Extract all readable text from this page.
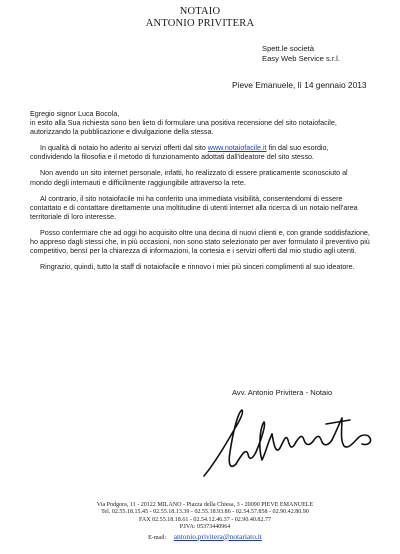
NOTAIO
ANTONIO PRIVITERA
Spett.le società
Easy Web Service s.r.l.
Pieve Emanuele, lì 14 gennaio 2013

Egregio signor Luca Bocola,

in esito alla Sua richiesta sono ben lieto di formulare una positiva recensione del sito notaiofacile, autorizzando la pubblicazione e divulgazione della stessa.

In qualità di notaio ho aderito ai servizi offerti dal sito www.notaiofacile.it fin dal suo esordio, condividendo la filosofia e il metodo di funzionamento adottati dall'ideatore del sito stesso.

Non avendo un sito internet personale, infatti, ho realizzato di essere praticamente sconosciuto al mondo degli internauti e difficilmente raggiungibile attraverso la rete.

Al contrario, il sito notaiofacile mi ha conferito una immediata visibilità, consentendomi di essere contattato e di contattare direttamente una moltitudine di utenti internet alla ricerca di un notaio nell'area territoriale di loro interesse.

Posso confermare che ad oggi ho acquisito oltre una decina di nuovi clienti e, con grande soddisfazione, ho appreso dagli stessi che, in più occasioni, non sono stato selezionato per aver formulato il preventivo più competitivo, bensì per la chiarezza di informazioni, la cortesia e i servizi offerti dal mio studio agli utenti.

Ringrazio, quindi, tutto la staff di notaiofacile e rinnovo i miei più sinceri complimenti al suo ideatore.

Avv. Antonio Privitera - Notaio
Via Podgora, 11 - 20122 MILANO - Piazza della Chiesa, 3 - 20090 PIEVE EMANUELE
Tel. 02.55.18.15.45 - 02.55.18.13.39 - 02.55.18.93.86 - 02.54.57.858 - 02.90.42.80.90
FAX 02.55.18.18.61 - 02.54.12.46.37 - 02.90.40.82.77
P.IVA: 05373440964
E-mail: antonio.privitera@notariato.it
